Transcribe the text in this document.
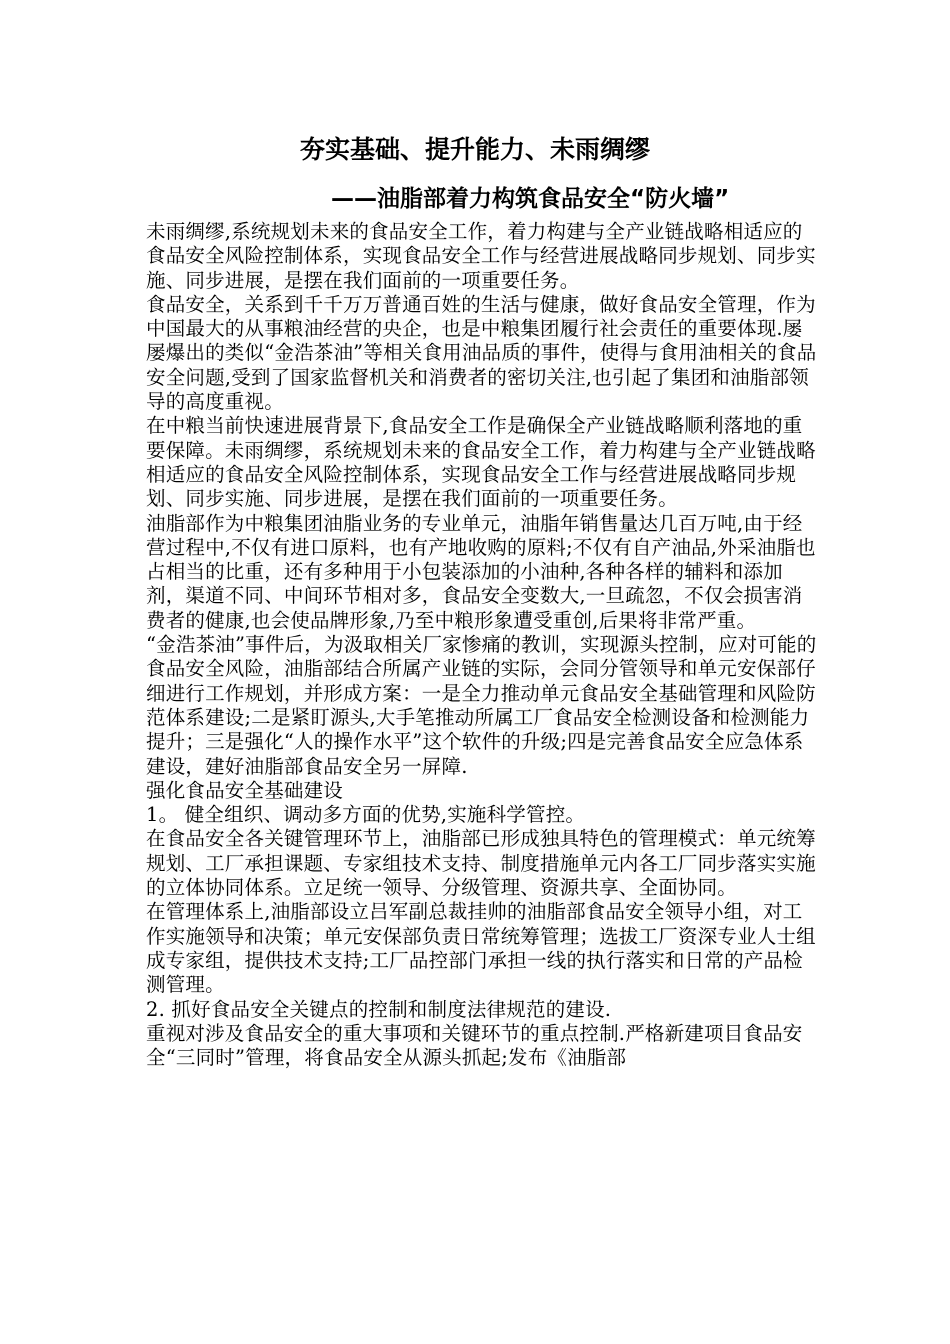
夯实基础、提升能力、未雨绸缪
——油脂部着力构筑食品安全“防火墙”

未雨绸缪,系统规划未来的食品安全工作，着力构建与全产业链战略相适应的食品安全风险控制体系，实现食品安全工作与经营进展战略同步规划、同步实施、同步进展，是摆在我们面前的一项重要任务。

食品安全，关系到千千万万普通百姓的生活与健康，做好食品安全管理，作为中国最大的从事粮油经营的央企，也是中粮集团履行社会责任的重要体现.屡屡爆出的类似“金浩茶油”等相关食用油品质的事件，使得与食用油相关的食品安全问题,受到了国家监督机关和消费者的密切关注,也引起了集团和油脂部领导的高度重视。

在中粮当前快速进展背景下,食品安全工作是确保全产业链战略顺利落地的重要保障。未雨绸缪，系统规划未来的食品安全工作，着力构建与全产业链战略相适应的食品安全风险控制体系，实现食品安全工作与经营进展战略同步规划、同步实施、同步进展，是摆在我们面前的一项重要任务。

油脂部作为中粮集团油脂业务的专业单元，油脂年销售量达几百万吨,由于经营过程中,不仅有进口原料，也有产地收购的原料;不仅有自产油品,外采油脂也占相当的比重，还有多种用于小包装添加的小油种,各种各样的辅料和添加剂，渠道不同、中间环节相对多，食品安全变数大,一旦疏忽，不仅会损害消费者的健康,也会使品牌形象,乃至中粮形象遭受重创,后果将非常严重。

“金浩茶油”事件后，为汲取相关厂家惨痛的教训，实现源头控制，应对可能的食品安全风险，油脂部结合所属产业链的实际，会同分管领导和单元安保部仔细进行工作规划，并形成方案：一是全力推动单元食品安全基础管理和风险防范体系建设;二是紧盯源头,大手笔推动所属工厂食品安全检测设备和检测能力提升；三是强化“人的操作水平”这个软件的升级;四是完善食品安全应急体系建设，建好油脂部食品安全另一屏障.

强化食品安全基础建设

1。 健全组织、调动多方面的优势,实施科学管控。

在食品安全各关键管理环节上，油脂部已形成独具特色的管理模式：单元统筹规划、工厂承担课题、专家组技术支持、制度措施单元内各工厂同步落实实施的立体协同体系。立足统一领导、分级管理、资源共享、全面协同。

在管理体系上,油脂部设立吕军副总裁挂帅的油脂部食品安全领导小组，对工作实施领导和决策；单元安保部负责日常统筹管理；选拔工厂资深专业人士组成专家组，提供技术支持;工厂品控部门承担一线的执行落实和日常的产品检测管理。

2. 抓好食品安全关键点的控制和制度法律规范的建设.

重视对涉及食品安全的重大事项和关键环节的重点控制.严格新建项目食品安全“三同时”管理，将食品安全从源头抓起;发布《油脂部
